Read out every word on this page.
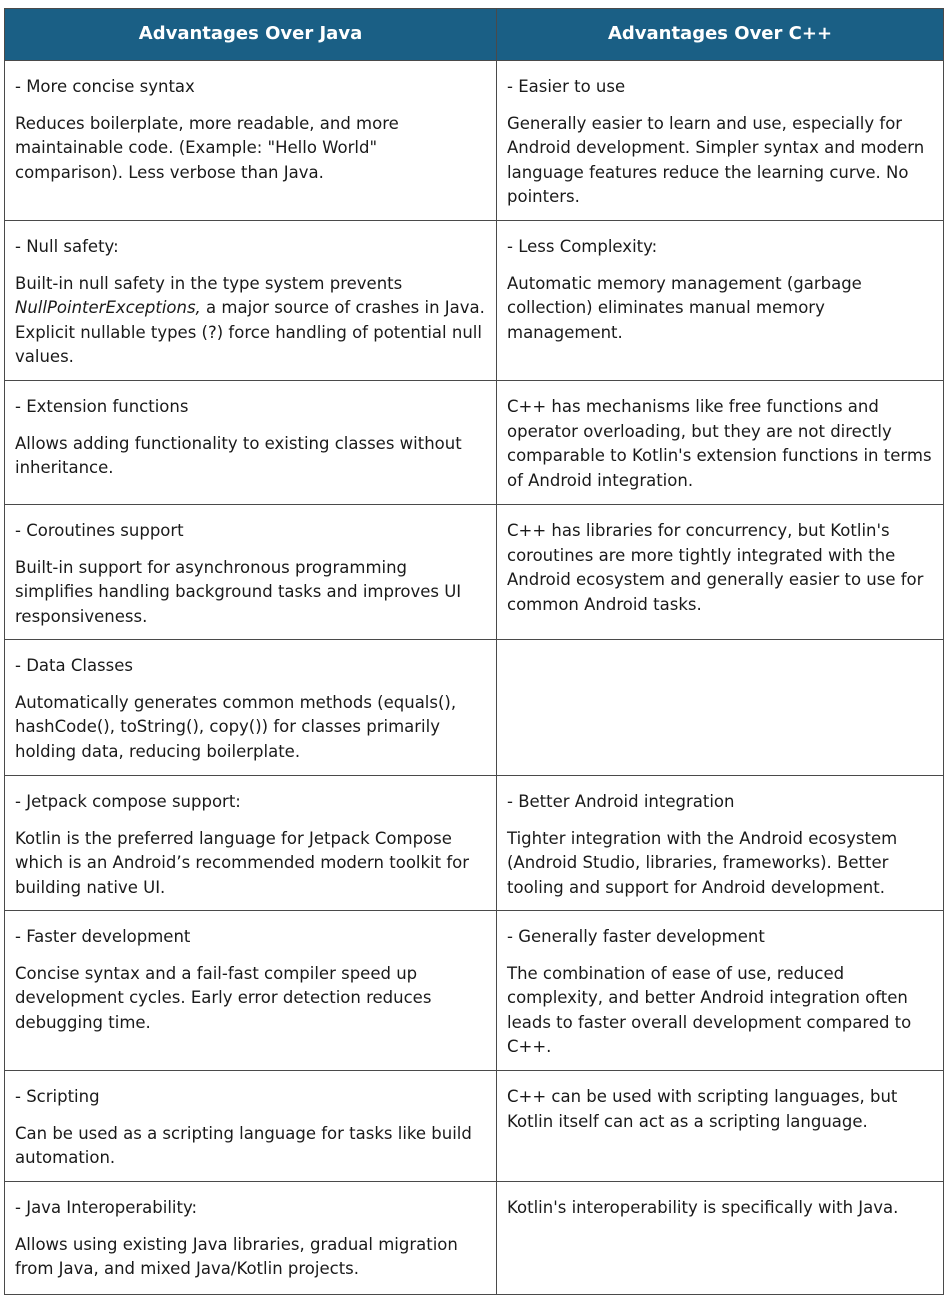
Advantages Over Java	Advantages Over C++

- More concise syntax

Reduces boilerplate, more readable, and more maintainable code. (Example: "Hello World" comparison). Less verbose than Java.

- Easier to use

Generally easier to learn and use, especially for Android development. Simpler syntax and modern language features reduce the learning curve. No pointers.

- Null safety:

Built-in null safety in the type system prevents NullPointerExceptions, a major source of crashes in Java. Explicit nullable types (?) force handling of potential null values.

- Less Complexity:

Automatic memory management (garbage collection) eliminates manual memory management.

- Extension functions

Allows adding functionality to existing classes without inheritance.

C++ has mechanisms like free functions and operator overloading, but they are not directly comparable to Kotlin's extension functions in terms of Android integration.

- Coroutines support

Built-in support for asynchronous programming simplifies handling background tasks and improves UI responsiveness.

C++ has libraries for concurrency, but Kotlin's coroutines are more tightly integrated with the Android ecosystem and generally easier to use for common Android tasks.

- Data Classes

Automatically generates common methods (equals(), hashCode(), toString(), copy()) for classes primarily holding data, reducing boilerplate.

- Jetpack compose support:

Kotlin is the preferred language for Jetpack Compose which is an Android’s recommended modern toolkit for building native UI.

- Better Android integration

Tighter integration with the Android ecosystem (Android Studio, libraries, frameworks). Better tooling and support for Android development.

- Faster development

Concise syntax and a fail-fast compiler speed up development cycles. Early error detection reduces debugging time.

- Generally faster development

The combination of ease of use, reduced complexity, and better Android integration often leads to faster overall development compared to C++.

- Scripting

Can be used as a scripting language for tasks like build automation.

C++ can be used with scripting languages, but Kotlin itself can act as a scripting language.

- Java Interoperability:

Allows using existing Java libraries, gradual migration from Java, and mixed Java/Kotlin projects.

Kotlin's interoperability is specifically with Java.
